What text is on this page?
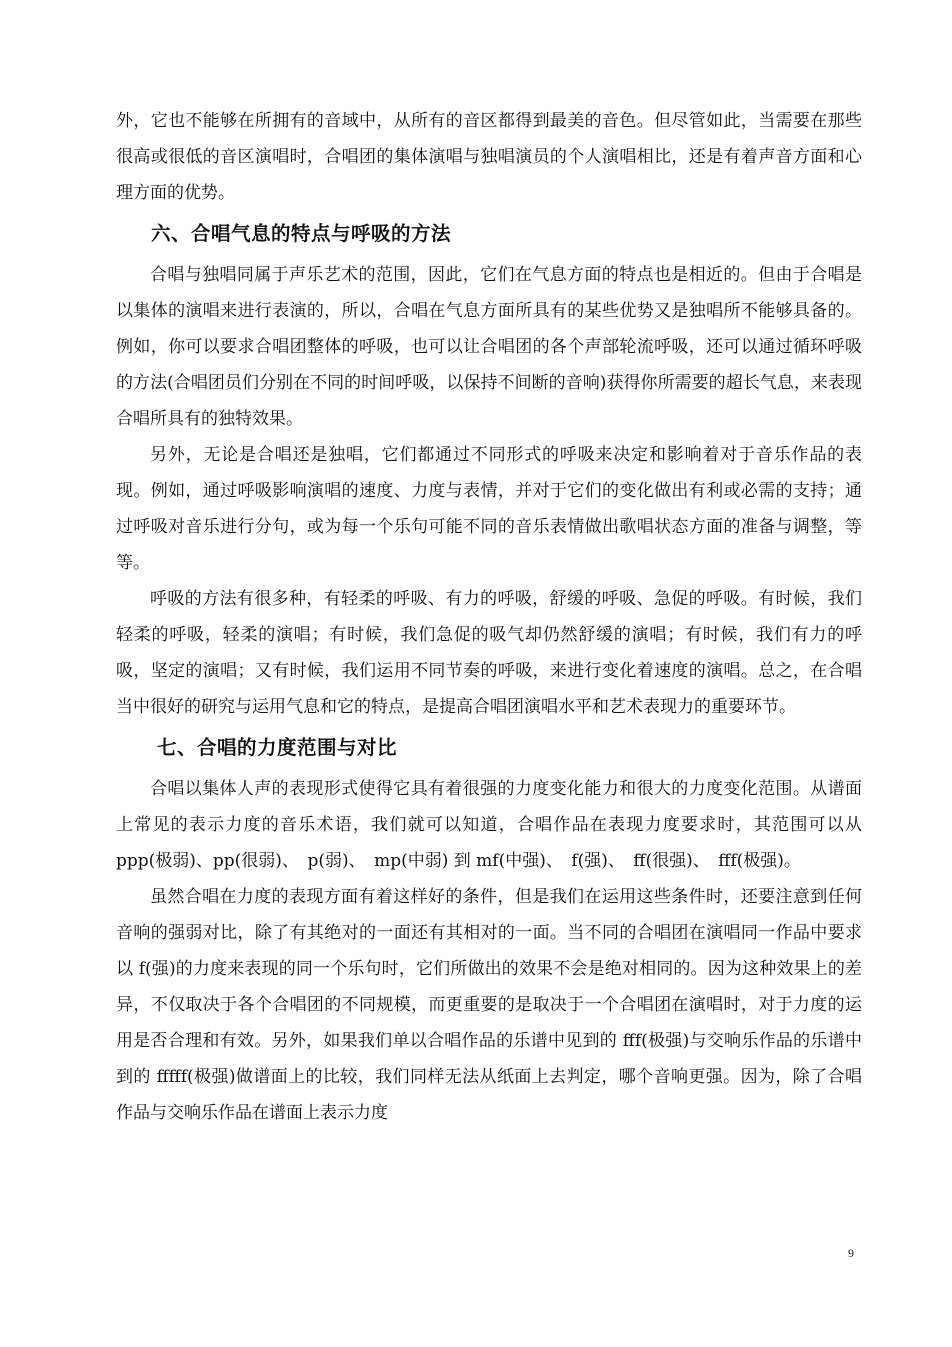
外，它也不能够在所拥有的音域中，从所有的音区都得到最美的音色。但尽管如此，当需要在那些很高或很低的音区演唱时，合唱团的集体演唱与独唱演员的个人演唱相比，还是有着声音方面和心理方面的优势。

六、合唱气息的特点与呼吸的方法

合唱与独唱同属于声乐艺术的范围，因此，它们在气息方面的特点也是相近的。但由于合唱是以集体的演唱来进行表演的，所以，合唱在气息方面所具有的某些优势又是独唱所不能够具备的。例如，你可以要求合唱团整体的呼吸，也可以让合唱团的各个声部轮流呼吸，还可以通过循环呼吸的方法(合唱团员们分别在不同的时间呼吸，以保持不间断的音响)获得你所需要的超长气息，来表现合唱所具有的独特效果。

另外，无论是合唱还是独唱，它们都通过不同形式的呼吸来决定和影响着对于音乐作品的表现。例如，通过呼吸影响演唱的速度、力度与表情，并对于它们的变化做出有利或必需的支持；通过呼吸对音乐进行分句，或为每一个乐句可能不同的音乐表情做出歌唱状态方面的准备与调整，等等。

呼吸的方法有很多种，有轻柔的呼吸、有力的呼吸，舒缓的呼吸、急促的呼吸。有时候，我们轻柔的呼吸，轻柔的演唱；有时候，我们急促的吸气却仍然舒缓的演唱；有时候，我们有力的呼吸，坚定的演唱；又有时候，我们运用不同节奏的呼吸，来进行变化着速度的演唱。总之，在合唱当中很好的研究与运用气息和它的特点，是提高合唱团演唱水平和艺术表现力的重要环节。

七、合唱的力度范围与对比

合唱以集体人声的表现形式使得它具有着很强的力度变化能力和很大的力度变化范围。从谱面上常见的表示力度的音乐术语，我们就可以知道，合唱作品在表现力度要求时，其范围可以从 ppp(极弱)、pp(很弱)、　p(弱)、　mp(中弱) 到 mf(中强)、　f(强)、　ff(很强)、　fff(极强)。

虽然合唱在力度的表现方面有着这样好的条件，但是我们在运用这些条件时，还要注意到任何音响的强弱对比，除了有其绝对的一面还有其相对的一面。当不同的合唱团在演唱同一作品中要求以 f(强)的力度来表现的同一个乐句时，它们所做出的效果不会是绝对相同的。因为这种效果上的差异，不仅取决于各个合唱团的不同规模，而更重要的是取决于一个合唱团在演唱时，对于力度的运用是否合理和有效。另外，如果我们单以合唱作品的乐谱中见到的 fff(极强)与交响乐作品的乐谱中到的 fffff(极强)做谱面上的比较，我们同样无法从纸面上去判定，哪个音响更强。因为，除了合唱作品与交响乐作品在谱面上表示力度

9
